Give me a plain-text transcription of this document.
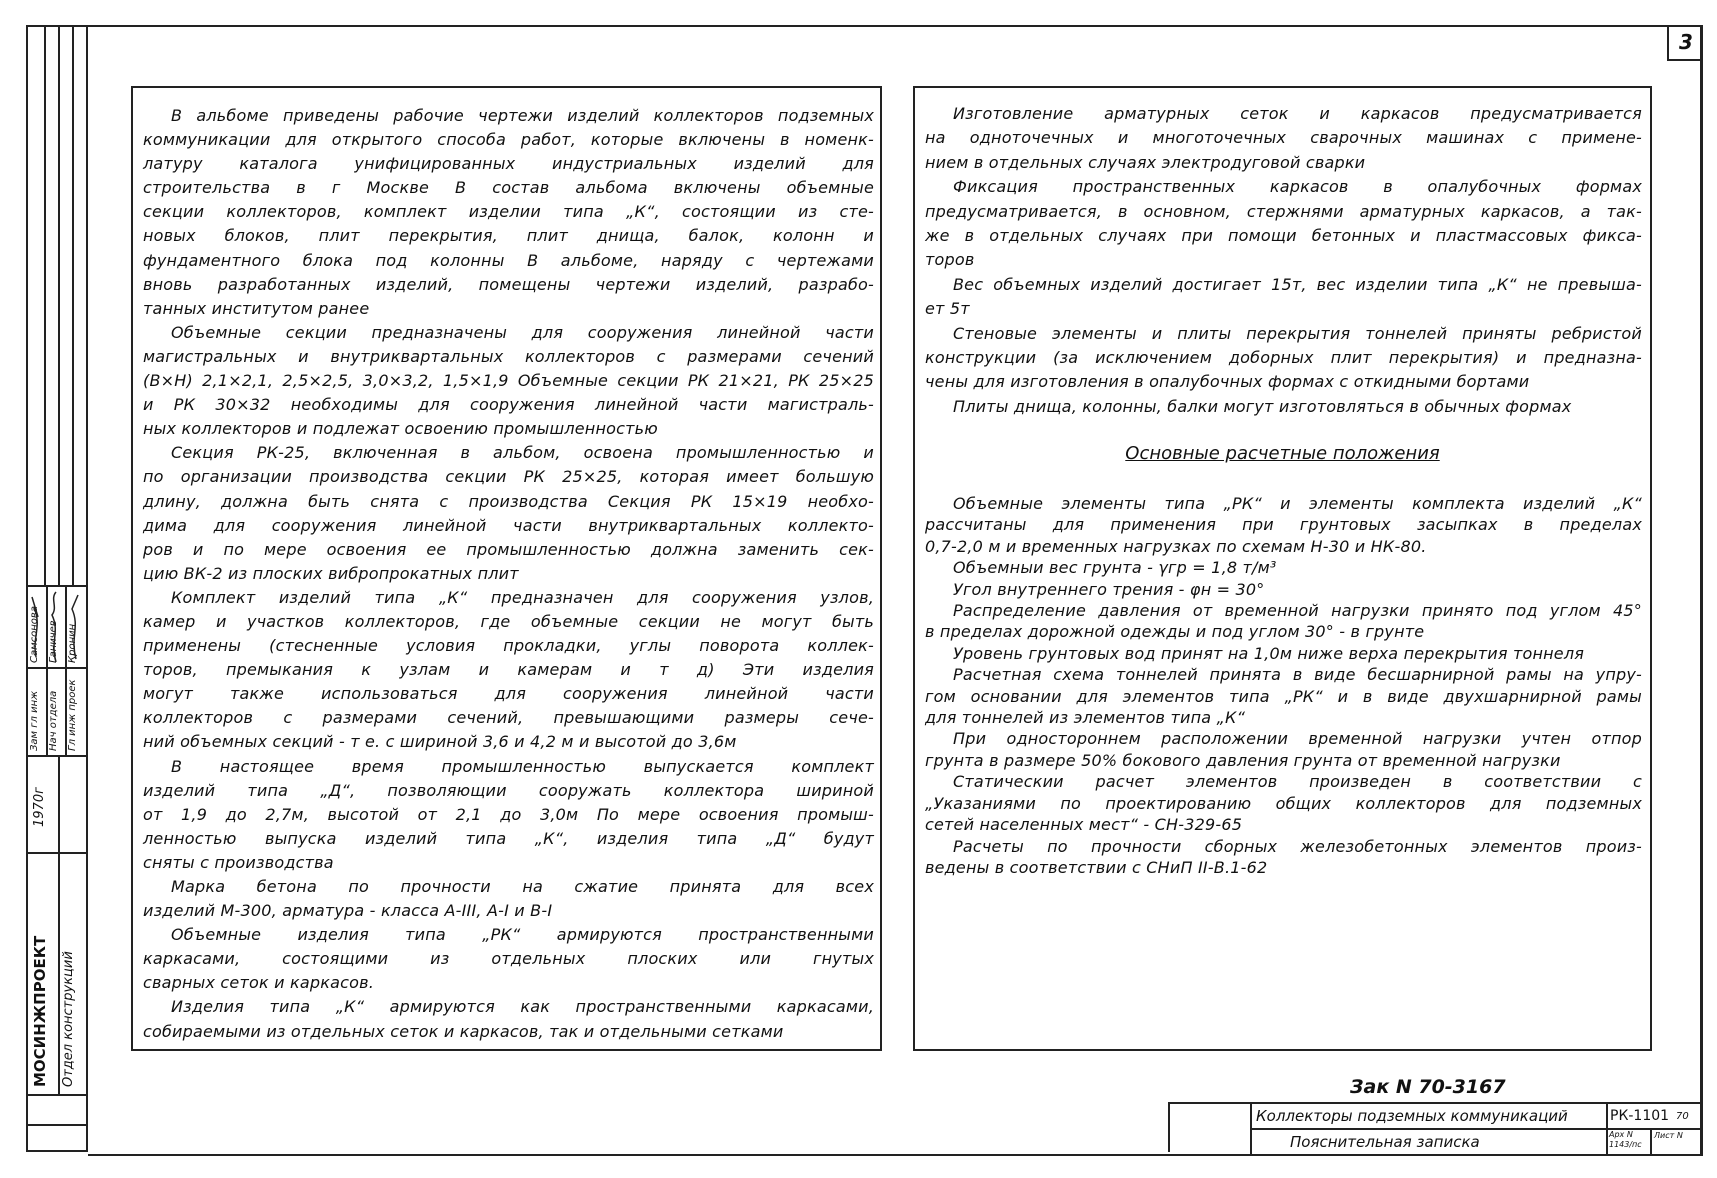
Самсонова Ганичев Кронин
Зам гл инж Нач отдела Гл инж проек
1970г
МОСИНЖПРОЕКТ Отдел конструкций
3
В альбоме приведены рабочие чертежи изделий коллекторов подземных
коммуникации для открытого способа работ, которые включены в номенк-
латуру каталога унифицированных индустриальных изделий для
строительства в г Москве В состав альбома включены объемные
секции коллекторов, комплект изделии типа „К“, состоящии из сте-
новых блоков, плит перекрытия, плит днища, балок, колонн и
фундаментного блока под колонны В альбоме, наряду с чертежами
вновь разработанных изделий, помещены чертежи изделий, разрабо-
танных институтом ранее
Объемные секции предназначены для сооружения линейной части
магистральных и внутриквартальных коллекторов с размерами сечений
(В×Н) 2,1×2,1, 2,5×2,5, 3,0×3,2, 1,5×1,9 Объемные секции РК 21×21, РК 25×25
и РК 30×32 необходимы для сооружения линейной части магистраль-
ных коллекторов и подлежат освоению промышленностью
Секция РК-25, включенная в альбом, освоена промышленностью и
по организации производства секции РК 25×25, которая имеет большую
длину, должна быть снята с производства Секция РК 15×19 необхо-
дима для сооружения линейной части внутриквартальных коллекто-
ров и по мере освоения ее промышленностью должна заменить сек-
цию ВК-2 из плоских вибропрокатных плит
Комплект изделий типа „К“ предназначен для сооружения узлов,
камер и участков коллекторов, где объемные секции не могут быть
применены (стесненные условия прокладки, углы поворота коллек-
торов, премыкания к узлам и камерам и т д) Эти изделия
могут также использоваться для сооружения линейной части
коллекторов с размерами сечений, превышающими размеры сече-
ний объемных секций - т е. с шириной 3,6 и 4,2 м и высотой до 3,6м
В настоящее время промышленностью выпускается комплект
изделий типа „Д“, позволяющии сооружать коллектора шириной
от 1,9 до 2,7м, высотой от 2,1 до 3,0м По мере освоения промыш-
ленностью выпуска изделий типа „К“, изделия типа „Д“ будут
сняты с производства
Марка бетона по прочности на сжатие принята для всех
изделий М-300, арматура - класса А-III, А-I и В-I
Объемные изделия типа „РК“ армируются пространственными
каркасами, состоящими из отдельных плоских или гнутых
сварных сеток и каркасов.
Изделия типа „К“ армируются как пространственными каркасами,
собираемыми из отдельных сеток и каркасов, так и отдельными сетками
Изготовление арматурных сеток и каркасов предусматривается
на одноточечных и многоточечных сварочных машинах с примене-
нием в отдельных случаях электродуговой сварки
Фиксация пространственных каркасов в опалубочных формах
предусматривается, в основном, стержнями арматурных каркасов, а так-
же в отдельных случаях при помощи бетонных и пластмассовых фикса-
торов
Вес объемных изделий достигает 15т, вес изделии типа „К“ не превыша-
ет 5т
Стеновые элементы и плиты перекрытия тоннелей приняты ребристой
конструкции (за исключением доборных плит перекрытия) и предназна-
чены для изготовления в опалубочных формах с откидными бортами
Плиты днища, колонны, балки могут изготовляться в обычных формах
Основные расчетные положения
Объемные элементы типа „РК“ и элементы комплекта изделий „К“
рассчитаны для применения при грунтовых засыпках в пределах
0,7-2,0 м и временных нагрузках по схемам Н-30 и НК-80.
Объемныи вес грунта - γгр = 1,8 т/м³
Угол внутреннего трения - φн = 30°
Распределение давления от временной нагрузки принято под углом 45°
в пределах дорожной одежды и под углом 30° - в грунте
Уровень грунтовых вод принят на 1,0м ниже верха перекрытия тоннеля
Расчетная схема тоннелей принята в виде бесшарнирной рамы на упру-
гом основании для элементов типа „РК“ и в виде двухшарнирной рамы
для тоннелей из элементов типа „К“
При одностороннем расположении временной нагрузки учтен отпор
грунта в размере 50% бокового давления грунта от временной нагрузки
Статическии расчет элементов произведен в соответствии с
„Указаниями по проектированию общих коллекторов для подземных
сетей населенных мест“ - СН-329-65
Расчеты по прочности сборных железобетонных элементов произ-
ведены в соответствии с СНиП II-В.1-62
Зак N 70-3167
Коллекторы подземных коммуникаций	РК-1101 70
Пояснительная записка	Арх N
1143/пс
Лист N
